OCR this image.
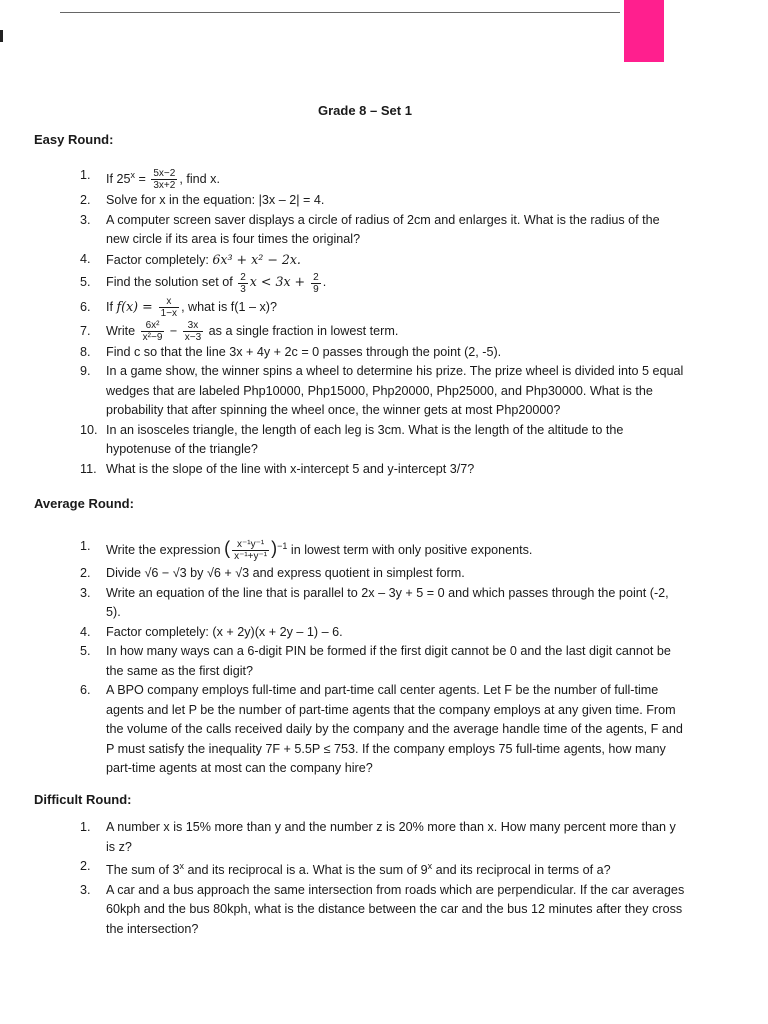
Grade 8 – Set 1
Easy Round:
1.	If $25^x = \frac{5x-2}{3x+2}$ , find x.
2.	Solve for x in the equation: |3x – 2| = 4.
3.	A computer screen saver displays a circle of radius of 2cm and enlarges it. What is the radius of the new circle if its area is four times the original?
4.	Factor completely: 6x³ + x² − 2x.
5.	Find the solution set of $\frac{2}{3}$ $x < 3x + \frac{2}{9}$ .
6.	If $f(x) = \frac{x}{1-x}$ , what is f(1 – x)?
7.	Write $\frac{\text{6x²}}{\text{x²−9}} - \frac{3x}{x-3}$ as a single fraction in lowest term.
8.	Find c so that the line 3x + 4y + 2c = 0 passes through the point (2, -5).
9.	In a game show, the winner spins a wheel to determine his prize. The prize wheel is divided into 5 equal wedges that are labeled Php10000, Php15000, Php20000, Php25000, and Php30000. What is the probability that after spinning the wheel once, the winner gets at most Php20000?
10. In an isosceles triangle, the length of each leg is 3cm. What is the length of the altitude to the hypotenuse of the triangle?
11. What is the slope of the line with x-intercept 5 and y-intercept 3/7?
Average Round:
1.	Write the expression ( $\frac{\text{x⁻¹y⁻¹}}{\text{x⁻¹+y⁻¹}} )^{-1}$ in lowest term with only positive exponents.
2.	Divide √6 − √3 by √6 + √3 and express quotient in simplest form.
3.	Write an equation of the line that is parallel to 2x – 3y + 5 = 0 and which passes through the point (-2, 5).
4.	Factor completely: (x + 2y)(x + 2y – 1) – 6.
5.	In how many ways can a 6-digit PIN be formed if the first digit cannot be 0 and the last digit cannot be the same as the first digit?
6.	A BPO company employs full-time and part-time call center agents. Let F be the number of full-time agents and let P be the number of part-time agents that the company employs at any given time. From the volume of the calls received daily by the company and the average handle time of the agents, F and P must satisfy the inequality 7F + 5.5P ≤ 753. If the company employs 75 full-time agents, how many part-time agents at most can the company hire?
Difficult Round:
1.	A number x is 15% more than y and the number z is 20% more than x. How many percent more than y is z?
2.	The sum of 3$^x$ and its reciprocal is a. What is the sum of 9$^x$ and its reciprocal in terms of a?
3.	A car and a bus approach the same intersection from roads which are perpendicular. If the car averages 60kph and the bus 80kph, what is the distance between the car and the bus 12 minutes after they cross the intersection?
